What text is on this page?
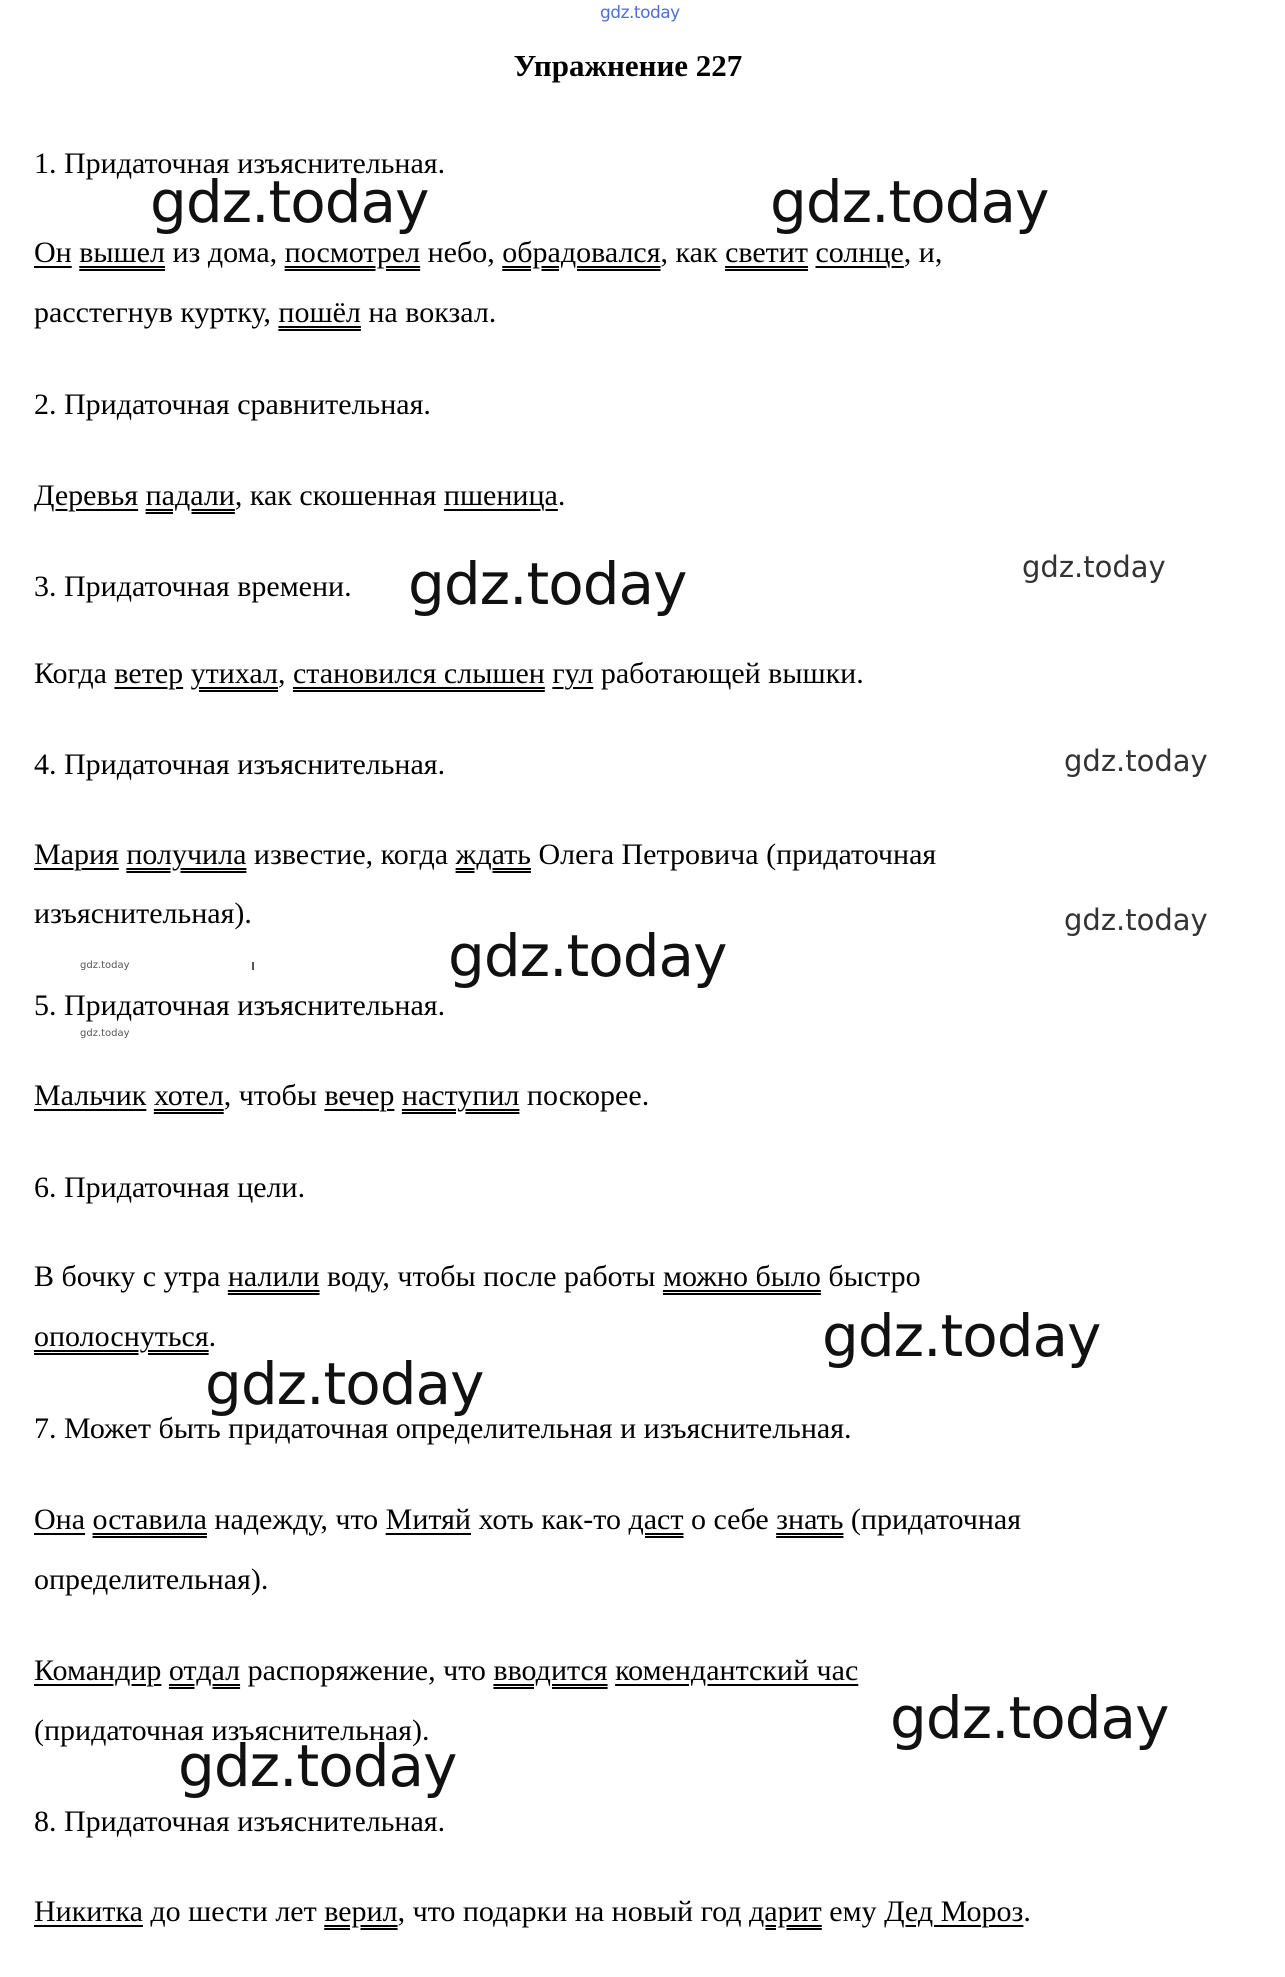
gdz.today
Упражнение 227
1. Придаточная изъяснительная.
Он вышел из дома, посмотрел небо, обрадовался, как светит солнце, и,
расстегнув куртку, пошёл на вокзал.
2. Придаточная сравнительная.
Деревья падали, как скошенная пшеница.
3. Придаточная времени.
Когда ветер утихал, становился слышен гул работающей вышки.
4. Придаточная изъяснительная.
Мария получила известие, когда ждать Олега Петровича (придаточная
изъяснительная).
5. Придаточная изъяснительная.
Мальчик хотел, чтобы вечер наступил поскорее.
6. Придаточная цели.
В бочку с утра налили воду, чтобы после работы можно было быстро
ополоснуться.
7. Может быть придаточная определительная и изъяснительная.
Она оставила надежду, что Митяй хоть как-то даст о себе знать (придаточная
определительная).
Командир отдал распоряжение, что вводится комендантский час
(придаточная изъяснительная).
8. Придаточная изъяснительная.
Никитка до шести лет верил, что подарки на новый год дарит ему Дед Мороз.
gdz.today	gdz.today
gdz.today	gdz.today
gdz.today
gdz.today
gdz.today
gdz.today
gdz.today
gdz.today
gdz.today
gdz.today
gdz.today
